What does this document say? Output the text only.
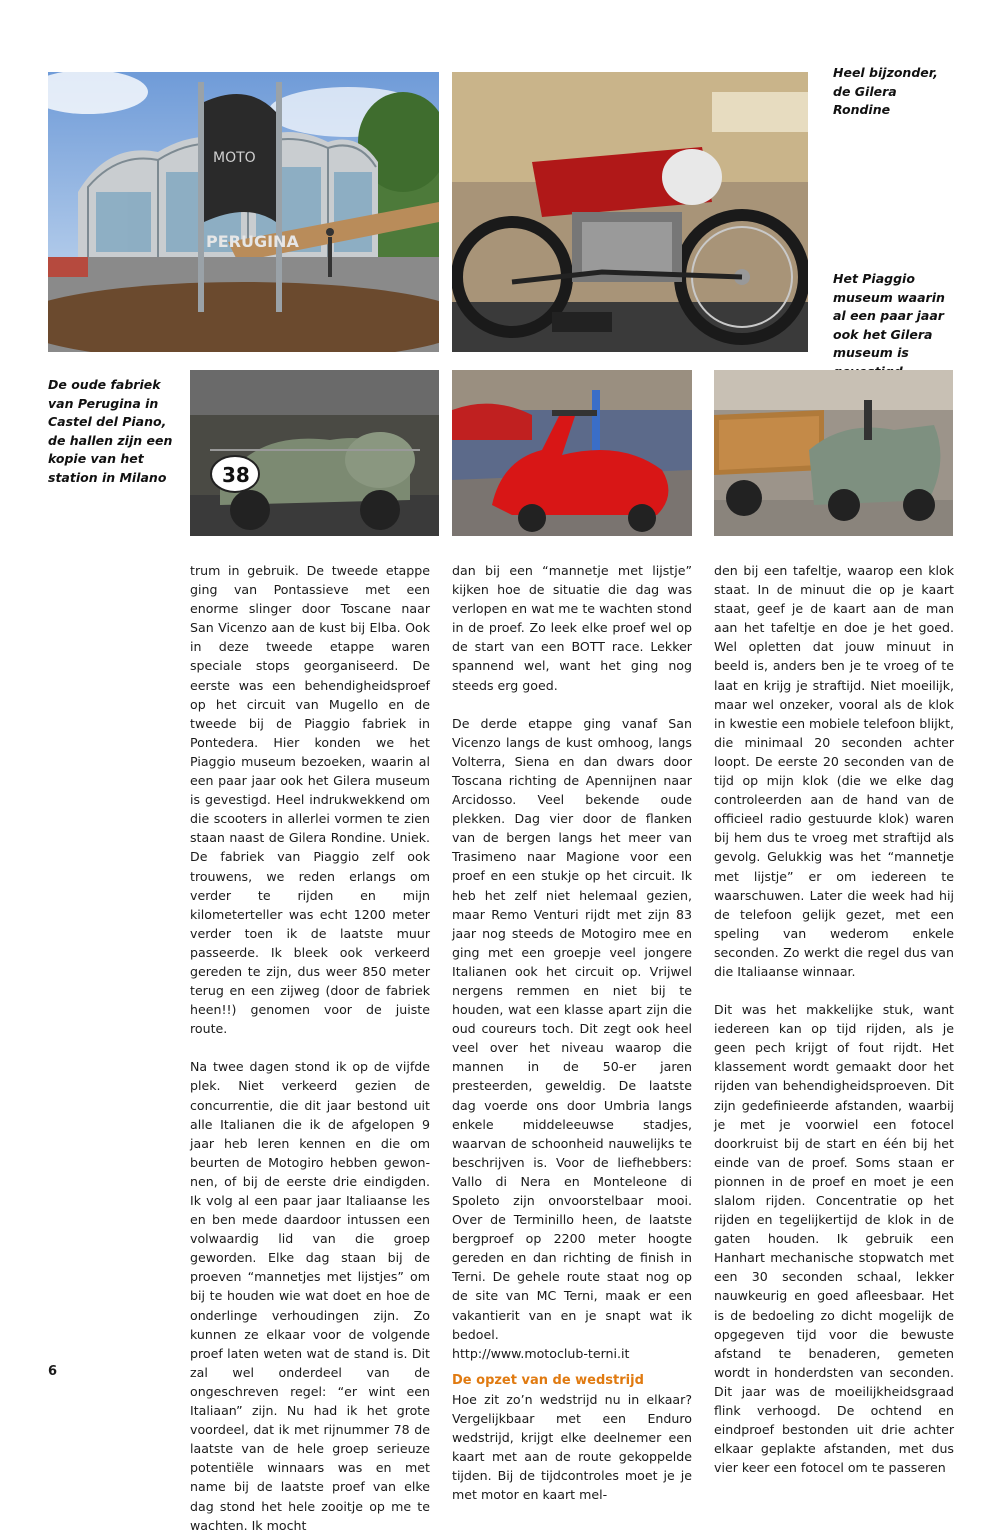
MOTO
PERUGINA
Heel bijzonder, de Gilera Rondine
Het Piaggio museum waarin al een paar jaar ook het Gilera museum is
De oude fabriek van Perugina in Castel del Piano, de hallen zijn een kopie van het station in Milano	38

trum in gebruik. De tweede etappe ging van Pontassieve met een enorme slinger door Toscane naar San Vicenzo aan de kust bij Elba. Ook in deze tweede etappe waren speciale stops georganiseerd. De eerste was een behendigheidsproef op het circuit van Mugello en de tweede bij de Piaggio fabriek in Pontedera. Hier konden we het Piaggio museum bezoeken, waarin al een paar jaar ook het Gilera museum is gevestigd. Heel indrukwekkend om die scooters in allerlei vormen te zien staan naast de Gilera Rondine. Uniek. De fabriek van Piaggio zelf ook trouwens, we reden erlangs om verder te rijden en mijn kilometerteller was echt 1200 meter verder toen ik de laatste muur passeerde. Ik bleek ook verkeerd gereden te zijn, dus weer 850 meter terug en een zijweg (door de fabriek heen!!) genomen voor de juiste route.

Na twee dagen stond ik op de vijfde plek. Niet verkeerd gezien de concurrentie, die dit jaar bestond uit alle Italianen die ik de afgelopen 9 jaar heb leren kennen en die om beurten de Motogiro hebben gewonnen, of bij de eerste drie eindigden. Ik volg al een paar jaar Italiaanse les en ben mede daardoor intussen een volwaardig lid van die groep geworden. Elke dag staan bij de proeven “mannetjes met lijstjes” om bij te houden wie wat doet en hoe de onderlinge verhoudingen zijn. Zo kunnen ze elkaar voor de volgende proef laten weten wat de stand is. Dit zal wel onderdeel van de ongeschreven regel: “er wint een Italiaan” zijn. Nu had ik het grote voordeel, dat ik met rijnummer 78 de laatste van de hele groep serieuze potentiële winnaars was en met name bij de laatste proef van elke dag stond het hele zooitje op me te wachten. Ik mocht

dan bij een “mannetje met lijstje” kijken hoe de situatie die dag was verlopen en wat me te wachten stond in de proef. Zo leek elke proef wel op de start van een BOTT race. Lekker spannend wel, want het ging nog steeds erg goed.

De derde etappe ging vanaf San Vicenzo langs de kust omhoog, langs Volterra, Siena en dan dwars door Toscana richting de Apennijnen naar Arcidosso. Veel bekende oude plekken. Dag vier door de flanken van de bergen langs het meer van Trasimeno naar Magione voor een proef en een stukje op het circuit. Ik heb het zelf niet helemaal gezien, maar Remo Venturi rijdt met zijn 83 jaar nog steeds de Motogiro mee en ging met een groepje veel jongere Italianen ook het circuit op. Vrijwel nergens remmen en niet bij te houden, wat een klasse apart zijn die oud coureurs toch. Dit zegt ook heel veel over het niveau waarop die mannen in de 50-er jaren presteerden, geweldig. De laatste dag voerde ons door Umbria langs enkele middeleeuwse stadjes, waarvan de schoonheid nauwelijks te beschrijven is. Voor de liefhebbers: Vallo di Nera en Monteleone di Spoleto zijn onvoorstelbaar mooi. Over de Terminillo heen, de laatste bergproef op 2200 meter hoogte gereden en dan richting de finish in Terni. De gehele route staat nog op de site van MC Terni, maak er een vakantierit van en je snapt wat ik bedoel.

http://www.motoclub-terni.it

De opzet van de wedstrijd

Hoe zit zo’n wedstrijd nu in elkaar? Vergelijkbaar met een Enduro wedstrijd, krijgt elke deelnemer een kaart met aan de route gekoppelde tijden. Bij de tijdcontroles moet je je met motor en kaart mel-

den bij een tafeltje, waarop een klok staat. In de minuut die op je kaart staat, geef je de kaart aan de man aan het tafeltje en doe je het goed. Wel opletten dat jouw minuut in beeld is, anders ben je te vroeg of te laat en krijg je straftijd. Niet moeilijk, maar wel onzeker, vooral als de klok in kwestie een mobiele telefoon blijkt, die minimaal 20 seconden achter loopt. De eerste 20 seconden van de tijd op mijn klok (die we elke dag controleerden aan de hand van de officieel radio gestuurde klok) waren bij hem dus te vroeg met straftijd als gevolg. Gelukkig was het “mannetje met lijstje” er om iedereen te waarschuwen. Later die week had hij de telefoon gelijk gezet, met een speling van wederom enkele seconden. Zo werkt die regel dus van die Italiaanse winnaar.

Dit was het makkelijke stuk, want iedereen kan op tijd rijden, als je geen pech krijgt of fout rijdt. Het klassement wordt gemaakt door het rijden van behendigheidsproeven. Dit zijn gedefinieerde afstanden, waarbij je met je voorwiel een fotocel doorkruist bij de start en één bij het einde van de proef. Soms staan er pionnen in de proef en moet je een slalom rijden. Concentratie op het rijden en tegelijkertijd de klok in de gaten houden. Ik gebruik een Hanhart mechanische stopwatch met een 30 seconden schaal, lekker nauwkeurig en goed afleesbaar. Het is de bedoeling zo dicht mogelijk de opgegeven tijd voor die bewuste afstand te benaderen, gemeten wordt in honderdsten van seconden. Dit jaar was de moeilijkheidsgraad flink verhoogd. De ochtend en eindproef bestonden uit drie achter elkaar geplakte afstanden, met dus vier keer een fotocel om te passeren

6
